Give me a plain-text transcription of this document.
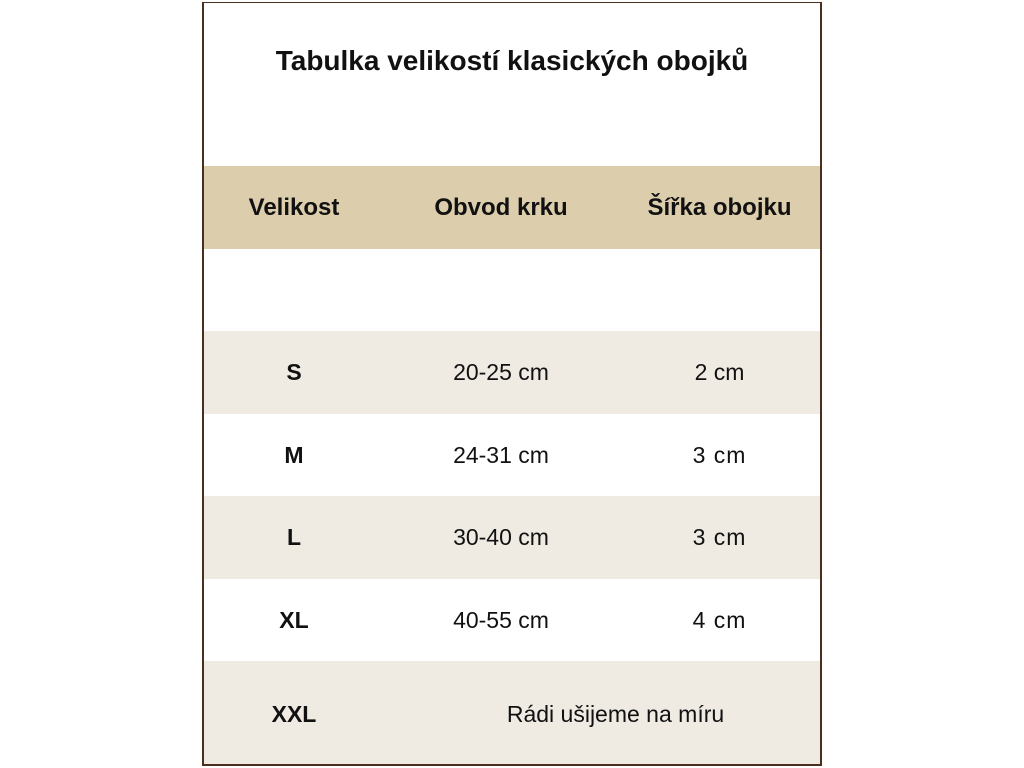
Tabulka velikostí klasických obojků
Velikost	Obvod krku	Šířka obojku
S	20-25 cm	2 cm
M	24-31 cm	3 cm
L	30-40 cm	3 cm
XL	40-55 cm	4 cm
XXL	Rádi ušijeme na míru
